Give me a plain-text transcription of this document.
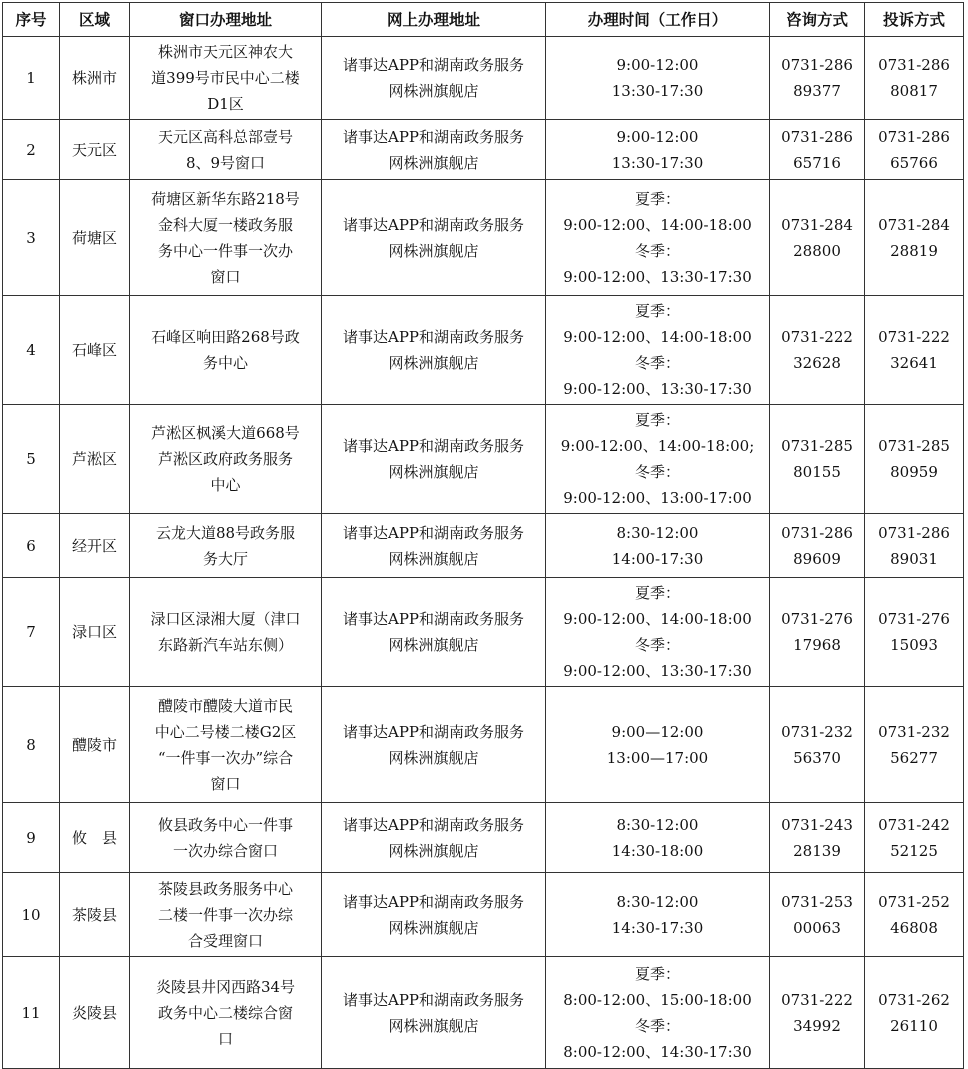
序号	区域	窗口办理地址	网上办理地址	办理时间（工作日）	咨询方式	投诉方式
1	株洲市	株洲市天元区神农大
道399号市民中心二楼
D1区	诸事达APP和湖南政务服务
网株洲旗舰店	9:00-12:00
13:30-17:30	0731-286
89377	0731-286
80817

2	天元区	天元区高科总部壹号
8、9号窗口	诸事达APP和湖南政务服务
网株洲旗舰店	9:00-12:00
13:30-17:30	0731-286
65716	0731-286
65766

3	荷塘区	荷塘区新华东路218号
金科大厦一楼政务服
务中心一件事一次办
窗口	诸事达APP和湖南政务服务
网株洲旗舰店	夏季：
9:00-12:00、14:00-18:00
冬季：
9:00-12:00、13:30-17:30	0731-284
28800	0731-284
28819

4	石峰区	石峰区响田路268号政
务中心	诸事达APP和湖南政务服务
网株洲旗舰店	夏季：
9:00-12:00、14:00-18:00
冬季：
9:00-12:00、13:30-17:30	0731-222
32628	0731-222
32641

5	芦淞区	芦淞区枫溪大道668号
芦淞区政府政务服务
中心	诸事达APP和湖南政务服务
网株洲旗舰店	夏季：
9:00-12:00、14:00-18:00;
冬季：
9:00-12:00、13:00-17:00	0731-285
80155	0731-285
80959

6	经开区	云龙大道88号政务服
务大厅	诸事达APP和湖南政务服务
网株洲旗舰店	8:30-12:00
14:00-17:30	0731-286
89609	0731-286
89031

7	渌口区	渌口区渌湘大厦（津口
东路新汽车站东侧）	诸事达APP和湖南政务服务
网株洲旗舰店	夏季：
9:00-12:00、14:00-18:00
冬季：
9:00-12:00、13:30-17:30	0731-276
17968	0731-276
15093

8	醴陵市	醴陵市醴陵大道市民
中心二号楼二楼G2区
“一件事一次办”综合
窗口	诸事达APP和湖南政务服务
网株洲旗舰店	9:00—12:00
13:00—17:00	0731-232
56370	0731-232
56277

9	攸　县	攸县政务中心一件事
一次办综合窗口	诸事达APP和湖南政务服务
网株洲旗舰店	8:30-12:00
14:30-18:00	0731-243
28139	0731-242
52125

10	茶陵县	茶陵县政务服务中心
二楼一件事一次办综
合受理窗口	诸事达APP和湖南政务服务
网株洲旗舰店	8:30-12:00
14:30-17:30	0731-253
00063	0731-252
46808

11	炎陵县	炎陵县井冈西路34号
政务中心二楼综合窗
口	诸事达APP和湖南政务服务
网株洲旗舰店	夏季：
8:00-12:00、15:00-18:00
冬季：
8:00-12:00、14:30-17:30	0731-222
34992	0731-262
26110
